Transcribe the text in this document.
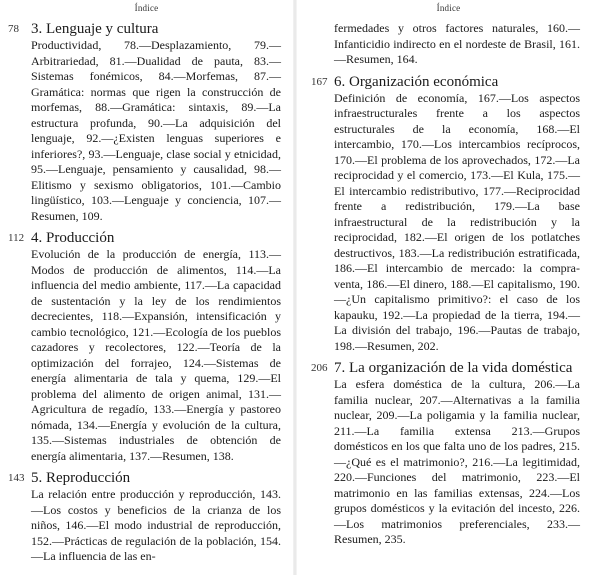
Índice
78 3. Lenguaje y cultura
Productividad, 78.—Desplazamiento, 79.—Arbitrariedad, 81.—Dualidad de pauta, 83.—Sistemas fonémicos, 84.—Morfemas, 87.—Gramática: normas que rigen la construcción de morfemas, 88.—Gramática: sintaxis, 89.—La estructura profunda, 90.—La adquisición del lenguaje, 92.—¿Existen lenguas superiores e inferiores?, 93.—Lenguaje, clase social y etnicidad, 95.—Lenguaje, pensamiento y causalidad, 98.—Elitismo y sexismo obligatorios, 101.—Cambio lingüístico, 103.—Lenguaje y conciencia, 107.—Resumen, 109.
112 4. Producción
Evolución de la producción de energía, 113.—Modos de producción de alimentos, 114.—La influencia del medio ambiente, 117.—La capacidad de sustentación y la ley de los rendimientos decrecientes, 118.—Expansión, intensificación y cambio tecnológico, 121.—Ecología de los pueblos cazadores y recolectores, 122.—Teoría de la optimización del forrajeo, 124.—Sistemas de energía alimentaria de tala y quema, 129.—El problema del alimento de origen animal, 131.—Agricultura de regadío, 133.—Energía y pastoreo nómada, 134.—Energía y evolución de la cultura, 135.—Sistemas industriales de obtención de energía alimentaria, 137.—Resumen, 138.
143 5. Reproducción
La relación entre producción y reproducción, 143.—Los costos y beneficios de la crianza de los niños, 146.—El modo industrial de reproducción, 152.—Prácticas de regulación de la población, 154.—La influencia de las en-
Índice
fermedades y otros factores naturales, 160.—Infanticidio indirecto en el nordeste de Brasil, 161.—Resumen, 164.
167 6. Organización económica
Definición de economía, 167.—Los aspectos infraestructurales frente a los aspectos estructurales de la economía, 168.—El intercambio, 170.—Los intercambios recíprocos, 170.—El problema de los aprovechados, 172.—La reciprocidad y el comercio, 173.—El Kula, 175.—El intercambio redistributivo, 177.—Reciprocidad frente a redistribución, 179.—La base infraestructural de la redistribución y la reciprocidad, 182.—El origen de los potlatches destructivos, 183.—La redistribución estratificada, 186.—El intercambio de mercado: la compra-venta, 186.—El dinero, 188.—El capitalismo, 190.—¿Un capitalismo primitivo?: el caso de los kapauku, 192.—La propiedad de la tierra, 194.—La división del trabajo, 196.—Pautas de trabajo, 198.—Resumen, 202.
206 7. La organización de la vida doméstica
La esfera doméstica de la cultura, 206.—La familia nuclear, 207.—Alternativas a la familia nuclear, 209.—La poligamia y la familia nuclear, 211.—La familia extensa 213.—Grupos domésticos en los que falta uno de los padres, 215.—¿Qué es el matrimonio?, 216.—La legitimidad, 220.—Funciones del matrimonio, 223.—El matrimonio en las familias extensas, 224.—Los grupos domésticos y la evitación del incesto, 226.—Los matrimonios preferenciales, 233.—Resumen, 235.
